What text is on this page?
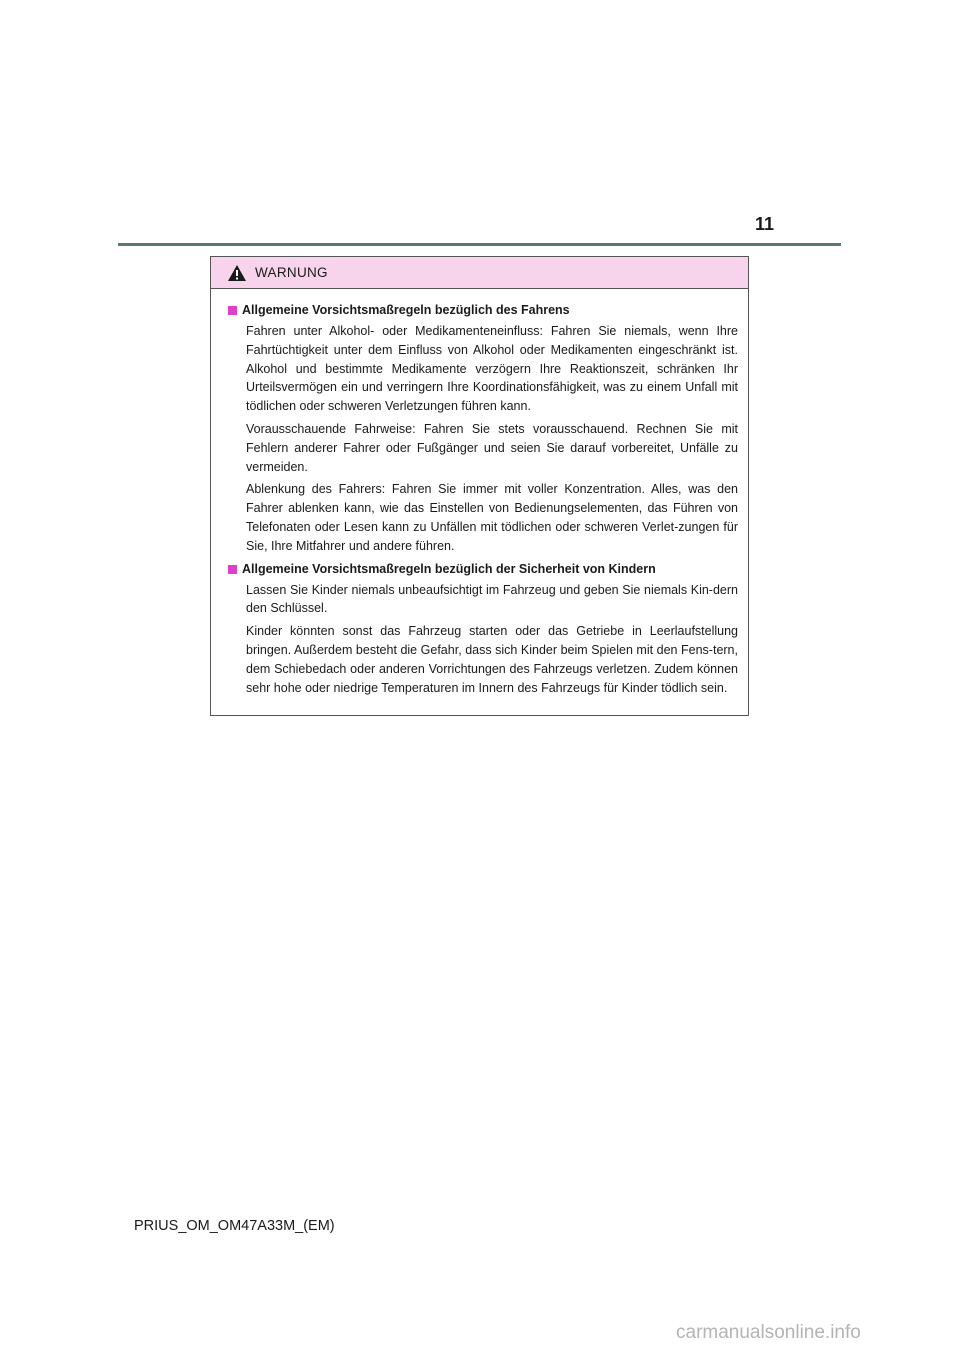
11
WARNUNG
Allgemeine Vorsichtsmaßregeln bezüglich des Fahrens

Fahren unter Alkohol- oder Medikamenteneinfluss: Fahren Sie niemals, wenn Ihre Fahrtüchtigkeit unter dem Einfluss von Alkohol oder Medikamenten eingeschränkt ist. Alkohol und bestimmte Medikamente verzögern Ihre Reaktionszeit, schränken Ihr Urteilsvermögen ein und verringern Ihre Koordinationsfähigkeit, was zu einem Unfall mit tödlichen oder schweren Verletzungen führen kann.

Vorausschauende Fahrweise: Fahren Sie stets vorausschauend. Rechnen Sie mit Fehlern anderer Fahrer oder Fußgänger und seien Sie darauf vorbereitet, Unfälle zu vermeiden.

Ablenkung des Fahrers: Fahren Sie immer mit voller Konzentration. Alles, was den Fahrer ablenken kann, wie das Einstellen von Bedienungselementen, das Führen von Telefonaten oder Lesen kann zu Unfällen mit tödlichen oder schweren Verlet-zungen für Sie, Ihre Mitfahrer und andere führen.

Allgemeine Vorsichtsmaßregeln bezüglich der Sicherheit von Kindern

Lassen Sie Kinder niemals unbeaufsichtigt im Fahrzeug und geben Sie niemals Kin-dern den Schlüssel.

Kinder könnten sonst das Fahrzeug starten oder das Getriebe in Leerlaufstellung bringen. Außerdem besteht die Gefahr, dass sich Kinder beim Spielen mit den Fens-tern, dem Schiebedach oder anderen Vorrichtungen des Fahrzeugs verletzen. Zudem können sehr hohe oder niedrige Temperaturen im Innern des Fahrzeugs für Kinder tödlich sein.

PRIUS_OM_OM47A33M_(EM)
carmanualsonline.info
